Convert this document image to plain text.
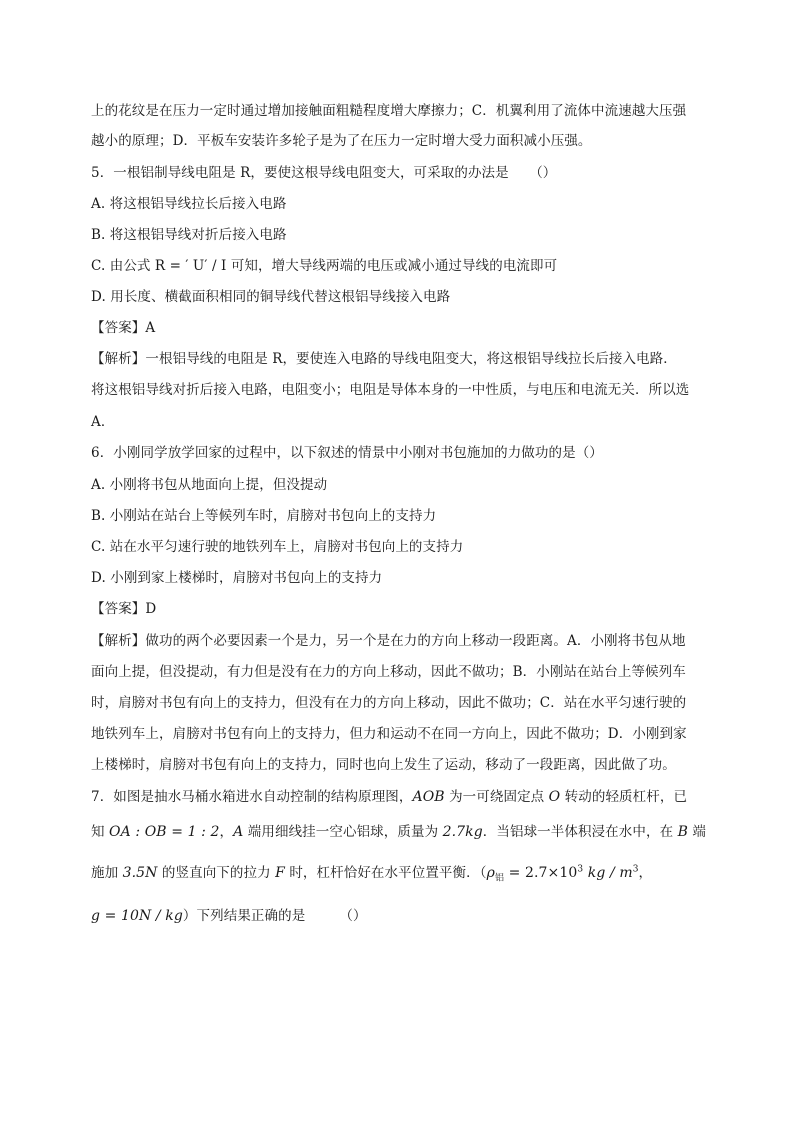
上的花纹是在压力一定时通过增加接触面粗糙程度增大摩擦力；C．机翼利用了流体中流速越大压强
越小的原理；D．平板车安装许多轮子是为了在压力一定时增大受力面积减小压强。
5．一根铝制导线电阻是 R，要使这根导线电阻变大，可采取的办法是　　（）
A. 将这根铝导线拉长后接入电路
B. 将这根铝导线对折后接入电路
C. 由公式 R = ′ U′ / I 可知，增大导线两端的电压或减小通过导线的电流即可
D. 用长度、横截面积相同的铜导线代替这根铝导线接入电路
【答案】A
【解析】一根铝导线的电阻是 R，要使连入电路的导线电阻变大，将这根铝导线拉长后接入电路．
将这根铝导线对折后接入电路，电阻变小；电阻是导体本身的一中性质，与电压和电流无关．所以选
A．
6．小刚同学放学回家的过程中，以下叙述的情景中小刚对书包施加的力做功的是（）
A. 小刚将书包从地面向上提，但没提动
B. 小刚站在站台上等候列车时，肩膀对书包向上的支持力
C. 站在水平匀速行驶的地铁列车上，肩膀对书包向上的支持力
D. 小刚到家上楼梯时，肩膀对书包向上的支持力
【答案】D
【解析】做功的两个必要因素一个是力，另一个是在力的方向上移动一段距离。A．小刚将书包从地
面向上提，但没提动，有力但是没有在力的方向上移动，因此不做功；B．小刚站在站台上等候列车
时，肩膀对书包有向上的支持力，但没有在力的方向上移动，因此不做功；C．站在水平匀速行驶的
地铁列车上，肩膀对书包有向上的支持力，但力和运动不在同一方向上，因此不做功；D．小刚到家
上楼梯时，肩膀对书包有向上的支持力，同时也向上发生了运动，移动了一段距离，因此做了功。
7．如图是抽水马桶水箱进水自动控制的结构原理图，AOB 为一可绕固定点 O 转动的轻质杠杆，已
知 OA : OB = 1 : 2，A 端用细线挂一空心铝球，质量为 2.7kg．当铝球一半体积浸在水中，在 B 端
施加 3.5N 的竖直向下的拉力 F 时，杠杆恰好在水平位置平衡．（$\rho_铝 = 2.7\times 10^3$ kg / $m^3$，
g = 10N / kg）下列结果正确的是　　　（）
